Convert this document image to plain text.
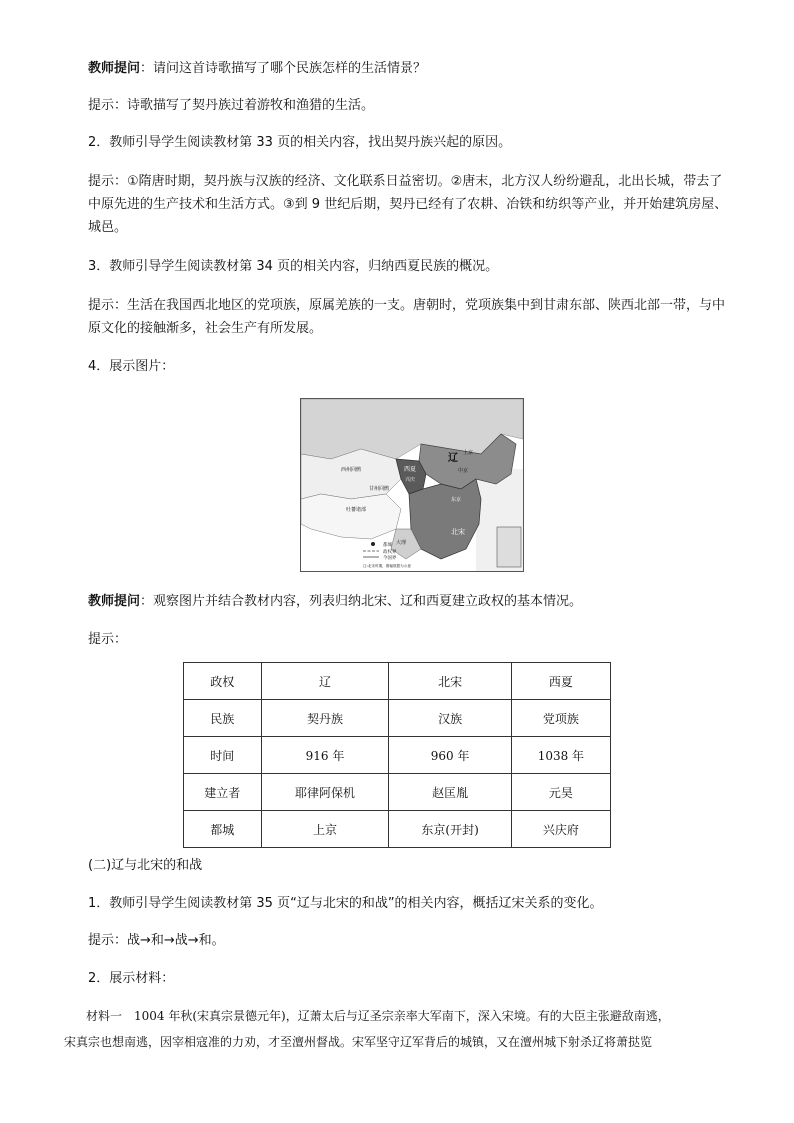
教师提问：请问这首诗歌描写了哪个民族怎样的生活情景？
提示：诗歌描写了契丹族过着游牧和渔猎的生活。
2．教师引导学生阅读教材第 33 页的相关内容，找出契丹族兴起的原因。
提示：①隋唐时期，契丹族与汉族的经济、文化联系日益密切。②唐末，北方汉人纷纷避乱，北出长城，带去了中原先进的生产技术和生活方式。③到 9 世纪后期，契丹已经有了农耕、冶铁和纺织等产业，并开始建筑房屋、城邑。
3．教师引导学生阅读教材第 34 页的相关内容，归纳西夏民族的概况。
提示：生活在我国西北地区的党项族，原属羌族的一支。唐朝时，党项族集中到甘肃东部、陕西北部一带，与中原文化的接触渐多，社会生产有所发展。
4．展示图片：
辽 上京
中京
西州回鹘	西夏
兴庆
甘州回鹘
吐蕃诸部
大理
北宋
东京
都城
政权界
今国界
注:北宋时期，图幅数据为示意
教师提问：观察图片并结合教材内容，列表归纳北宋、辽和西夏建立政权的基本情况。
提示：
政权	辽	北宋	西夏
民族	契丹族	汉族	党项族
时间	916 年	960 年	1038 年
建立者	耶律阿保机	赵匡胤	元昊
都城	上京	东京(开封)	兴庆府
(二)辽与北宋的和战
1．教师引导学生阅读教材第 35 页“辽与北宋的和战”的相关内容，概括辽宋关系的变化。
提示：战→和→战→和。
2．展示材料：
材料一　1004 年秋(宋真宗景德元年)，辽萧太后与辽圣宗亲率大军南下，深入宋境。有的大臣主张避敌南逃，
宋真宗也想南逃，因宰相寇准的力劝，才至澶州督战。宋军坚守辽军背后的城镇，又在澶州城下射杀辽将萧挞览
